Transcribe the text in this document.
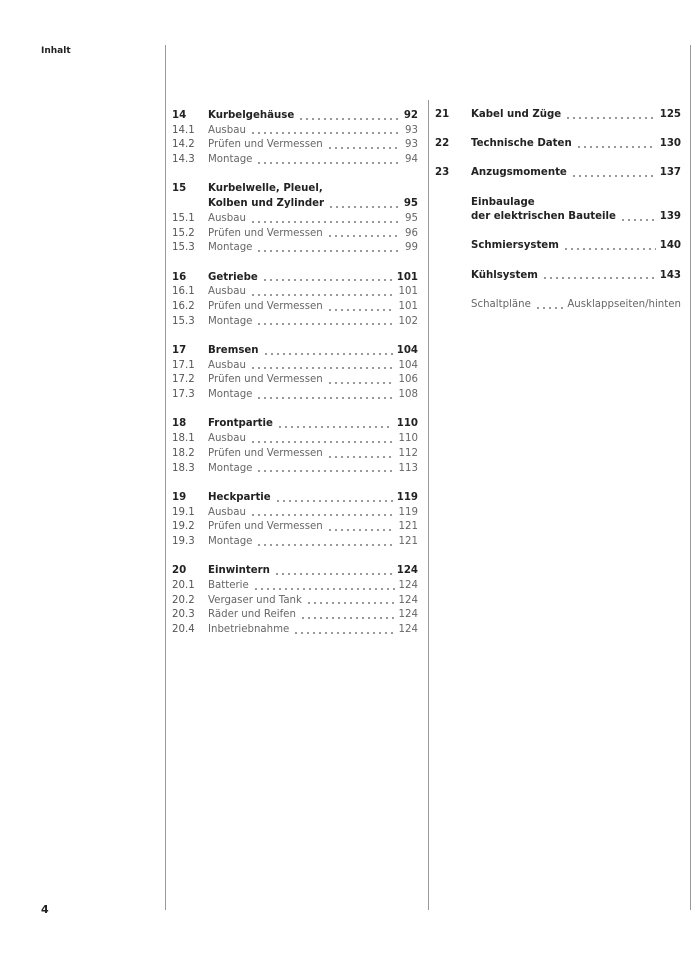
Inhalt
14	Kurbelgehäuse	92
14.1	Ausbau	93
14.2	Prüfen und Vermessen	93
14.3	Montage	94
15	Kurbelwelle, Pleuel,
Kolben und Zylinder	95
15.1	Ausbau	95
15.2	Prüfen und Vermessen	96
15.3	Montage	99
16	Getriebe	101
16.1	Ausbau	101
16.2	Prüfen und Vermessen	101
15.3	Montage	102
17	Bremsen	104
17.1	Ausbau	104
17.2	Prüfen und Vermessen	106
17.3	Montage	108
18	Frontpartie	110
18.1	Ausbau	110
18.2	Prüfen und Vermessen	112
18.3	Montage	113
19	Heckpartie	119
19.1	Ausbau	119
19.2	Prüfen und Vermessen	121
19.3	Montage	121
20	Einwintern	124
20.1	Batterie	124
20.2	Vergaser und Tank	124
20.3	Räder und Reifen	124
20.4	Inbetriebnahme	124
21	Kabel und Züge	125
22	Technische Daten	130
23	Anzugsmomente	137
Einbaulage
der elektrischen Bauteile	139
Schmiersystem	140
Kühlsystem	143
Schaltpläne	Ausklappseiten/hinten
4
